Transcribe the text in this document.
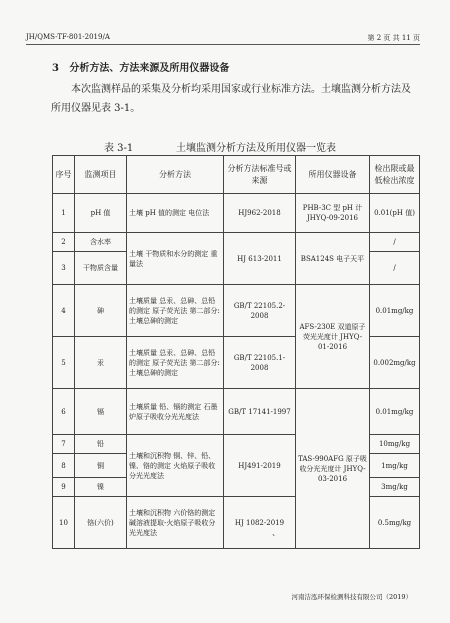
JH/QMS-TF-801-2019/A	第 2 页 共 11 页
3 分析方法、方法来源及所用仪器设备
本次监测样品的采集及分析均采用国家或行业标准方法。土壤监测分析方法及所用仪器见表 3-1。
表 3-1	土壤监测分析方法及所用仪器一览表
序号	监测项目	分析方法	分析方法标准号或来源	所用仪器设备	检出限或最低检出浓度
1	pH 值	土壤 pH 值的测定 电位法	HJ962-2018	PHB-3C 型 pH 计 JHYQ-09-2016	0.01(pH 值)
2	含水率	土壤 干物质和水分的测定 重量法	HJ 613-2011	BSA124S 电子天平	/
3	干物质含量				/
4	砷	土壤质量 总汞、总砷、总铅的测定 原子荧光法 第二部分:土壤总砷的测定	GB/T 22105.2-2008	AFS-230E 双道原子荧光光度计 JHYQ-01-2016	0.01mg/kg
5	汞	土壤质量 总汞、总砷、总铅的测定 原子荧光法 第二部分:土壤总砷的测定	GB/T 22105.1-2008		0.002mg/kg
6	镉	土壤质量 铅、镉的测定 石墨炉原子吸收分光光度法	GB/T 17141-1997	TAS-990AFG 原子吸收分光光度计 JHYQ-03-2016	0.01mg/kg
7	铅	土壤和沉积物 铜、锌、铅、镍、铬的测定 火焰原子吸收分光光度法	HJ491-2019		10mg/kg
8	铜				1mg/kg
9	镍				3mg/kg
10	铬(六价)	土壤和沉积物 六价铬的测定 碱溶液提取-火焰原子吸收分光光度法	HJ 1082-2019		0.5mg/kg
、
河南洁泓环保检测科技有限公司（2019）
